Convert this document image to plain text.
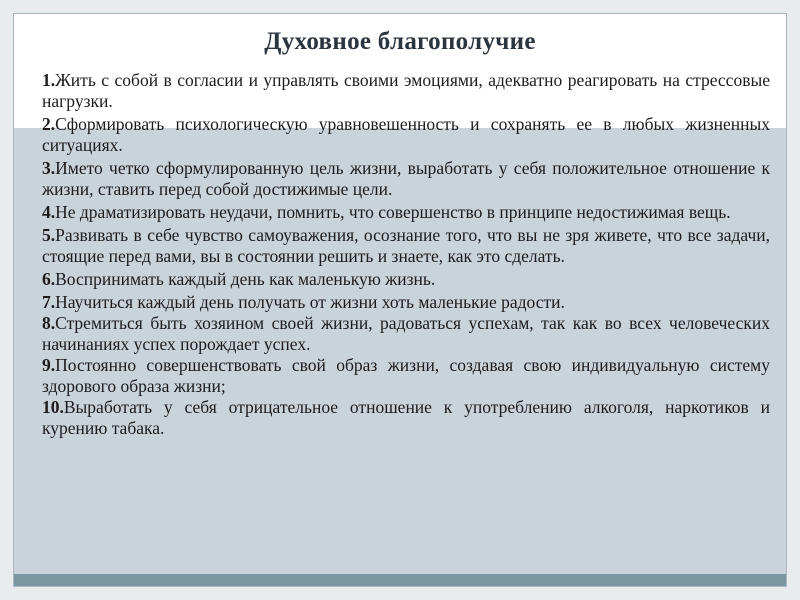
Духовное благополучие

1.Жить с собой в согласии и управлять своими эмоциями, адекватно реагировать на стрессовые нагрузки.

2.Сформировать психологическую уравновешенность и сохранять ее в любых жизненных ситуациях.

3.Името четко сформулированную цель жизни, выработать у себя положительное отношение к жизни, ставить перед собой достижимые цели.

4.Не драматизировать неудачи, помнить, что совершенство в принципе недостижимая вещь.

5.Развивать в себе чувство самоуважения, осознание того, что вы не зря живете, что все задачи, стоящие перед вами, вы в состоянии решить и знаете, как это сделать.

6.Воспринимать каждый день как маленькую жизнь.

7.Научиться каждый день получать от жизни хоть маленькие радости.

8.Стремиться быть хозяином своей жизни, радоваться успехам, так как во всех человеческих начинаниях успех порождает успех.

9.Постоянно совершенствовать свой образ жизни, создавая свою индивидуальную систему здорового образа жизни;

10.Выработать у себя отрицательное отношение к употреблению алкоголя, наркотиков и курению табака.
